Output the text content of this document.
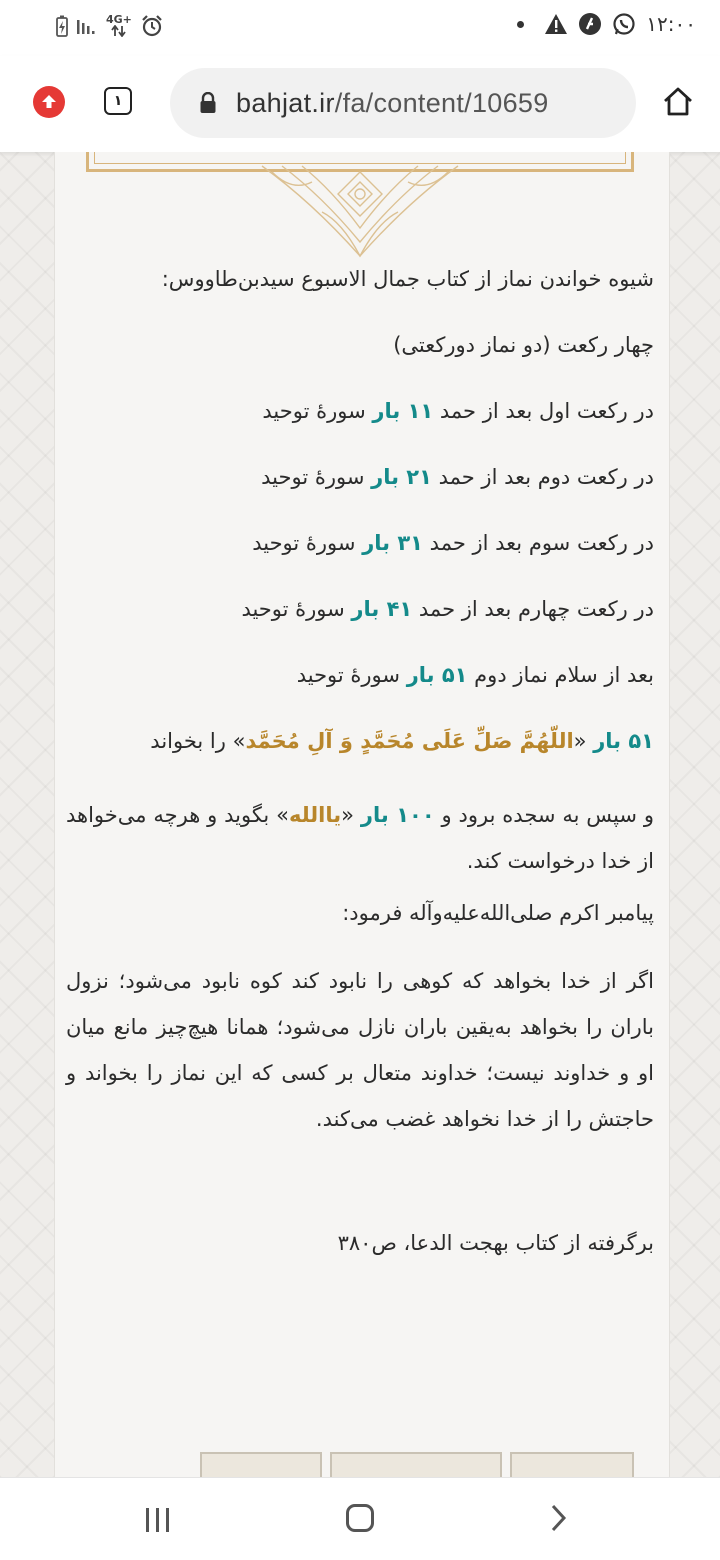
4G+	۱۲:۰۰
۱	bahjat.ir/fa/content/10659

شیوه خواندن نماز از کتاب جمال الاسبوع سیدبن‌طاووس:

چهار رکعت (دو نماز دورکعتی)

در رکعت اول بعد از حمد ۱۱ بار سورهٔ توحید

در رکعت دوم بعد از حمد ۲۱ بار سورهٔ توحید

در رکعت سوم بعد از حمد ۳۱ بار سورهٔ توحید

در رکعت چهارم بعد از حمد ۴۱ بار سورهٔ توحید

بعد از سلام نماز دوم ۵۱ بار سورهٔ توحید

۵۱ بار «اللّهُمَّ صَلِّ عَلَی مُحَمَّدٍ وَ آلِ مُحَمَّد» را بخواند

و سپس به سجده برود و ۱۰۰ بار «یاالله» بگوید و هرچه می‌خواهد از خدا درخواست کند.

پیامبر اکرم صلی‌الله‌علیه‌وآله فرمود:

اگر از خدا بخواهد که کوهی را نابود کند کوه نابود می‌شود؛ نزول باران را بخواهد به‌یقین باران نازل می‌شود؛ همانا هیچ‌چیز مانع میان او و خداوند نیست؛ خداوند متعال بر کسی که این نماز را بخواند و حاجتش را از خدا نخواهد غضب می‌کند.

برگرفته از کتاب بهجت الدعا، ص۳۸۰
